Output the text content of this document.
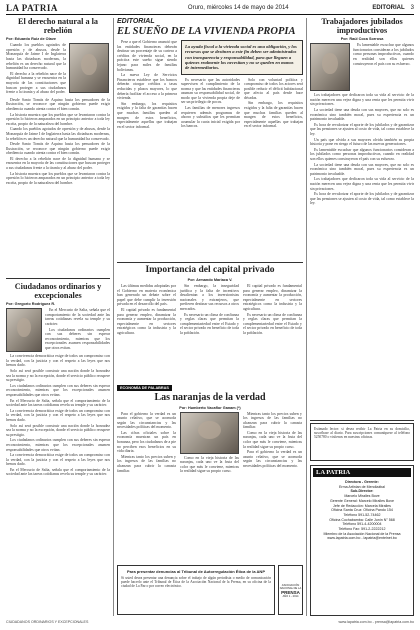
LA PATRIA	Oruro, miércoles 14 de mayo de 2014	EDITORIAL 3
El derecho natural a la rebelión
Por: Eduardo Ruiz de Olave

Cuando los pueblos agotados de opresión y de abusos, desde la Monarquía de Jaime I de Inglaterra hasta las dictaduras modernas, la rebelión es un derecho natural que la humanidad ha conservado.

El derecho a la rebelión nace de la dignidad humana y se encuentra en la mayoría de las constituciones que buscan proteger a sus ciudadanos frente a la tiranía y al abuso del poder.

Desde Santo Tomás de Aquino hasta los pensadores de la Ilustración, se reconoce que ningún gobierno puede exigir obediencia cuando atenta contra el bien común.

La historia muestra que los pueblos que se levantaron contra la opresión lo hicieron amparados en un principio anterior a toda ley escrita, propio de la naturaleza del hombre.

Cuando los pueblos agotados de opresión y de abusos, desde la Monarquía de Jaime I de Inglaterra hasta las dictaduras modernas, la rebelión es un derecho natural que la humanidad ha conservado.

Desde Santo Tomás de Aquino hasta los pensadores de la Ilustración, se reconoce que ningún gobierno puede exigir obediencia cuando atenta contra el bien común.

El derecho a la rebelión nace de la dignidad humana y se encuentra en la mayoría de las constituciones que buscan proteger a sus ciudadanos frente a la tiranía y al abuso del poder.

La historia muestra que los pueblos que se levantaron contra la opresión lo hicieron amparados en un principio anterior a toda ley escrita, propio de la naturaleza del hombre.

Ciudadanos ordinarios y excepcionales
Por: Gregorio Rodríguez R.

En el Mercurio de Salta, señala que el comportamiento de la sociedad ante las tareas cotidianas revela su temple y su carácter.

Los ciudadanos ordinarios cumplen con sus deberes sin esperar reconocimiento, mientras que los excepcionales asumen responsabilidades que otros evitan.

La convivencia democrática exige de todos un compromiso con la verdad, con la justicia y con el respeto a las leyes que nos hemos dado.

Solo así será posible construir una nación donde la honradez sea la norma y no la excepción, donde el servicio público recupere su prestigio.

Los ciudadanos ordinarios cumplen con sus deberes sin esperar reconocimiento, mientras que los excepcionales asumen responsabilidades que otros evitan.

En el Mercurio de Salta, señala que el comportamiento de la sociedad ante las tareas cotidianas revela su temple y su carácter.

La convivencia democrática exige de todos un compromiso con la verdad, con la justicia y con el respeto a las leyes que nos hemos dado.

Solo así será posible construir una nación donde la honradez sea la norma y no la excepción, donde el servicio público recupere su prestigio.

Los ciudadanos ordinarios cumplen con sus deberes sin esperar reconocimiento, mientras que los excepcionales asumen responsabilidades que otros evitan.

La convivencia democrática exige de todos un compromiso con la verdad, con la justicia y con el respeto a las leyes que nos hemos dado.

En el Mercurio de Salta, señala que el comportamiento de la sociedad ante las tareas cotidianas revela su temple y su carácter.

EDITORIAL
EL SUEÑO DE LA VIVIENDA PROPIA

Pese a que el Gobierno anunció que las entidades financieras deberán destinar un porcentaje de su cartera a créditos de vivienda social, en la práctica este sueño sigue siendo lejano para miles de familias bolivianas.

La nueva Ley de Servicios Financieros establece que los bancos deberán otorgar créditos a tasas reducidas y plazos mayores, lo que debería facilitar el acceso a la primera vivienda.

Sin embargo, los requisitos exigidos y la falta de garantías hacen que muchas familias queden al margen de estos beneficios, especialmente aquellas que trabajan en el sector informal.

La ayuda fiscal a la vivienda social es una obligación, y los recursos que se destinen a este fin deben ser administrados con transparencia y responsabilidad, para que lleguen a quienes realmente los necesitan y no se queden en manos de intermediarios.

Es necesario que las autoridades supervisen el cumplimiento de la norma y que las entidades financieras asuman su responsabilidad social, de modo que la vivienda propia deje de ser un privilegio de pocos.

Las familias de menores ingresos requieren además programas de ahorro y subsidios que les permitan acumular la cuota inicial exigida por los bancos.

Solo con voluntad política y compromiso de todos los actores será posible reducir el déficit habitacional que afecta al país desde hace décadas.

Sin embargo, los requisitos exigidos y la falta de garantías hacen que muchas familias queden al margen de estos beneficios, especialmente aquellas que trabajan en el sector informal.

Importancia del capital privado
Por: Armando Mariaca V.

Las últimas medidas adoptadas por el Gobierno en materia económica han generado un debate sobre el papel que debe cumplir la inversión privada en el desarrollo del país.

El capital privado es fundamental para generar empleo, dinamizar la economía y aumentar la producción, especialmente en sectores estratégicos como la industria y la agricultura.

Sin embargo, la inseguridad jurídica y la falta de incentivos desalientan a los inversionistas nacionales y extranjeros, que prefieren destinar sus recursos a otros mercados.

Es necesario un clima de confianza y reglas claras que permitan la complementariedad entre el Estado y el sector privado en beneficio de toda la población.

El capital privado es fundamental para generar empleo, dinamizar la economía y aumentar la producción, especialmente en sectores estratégicos como la industria y la agricultura.

Es necesario un clima de confianza y reglas claras que permitan la complementariedad entre el Estado y el sector privado en beneficio de toda la población.

ECONOMÍA DE PALABRAS
Las naranjas de la verdad
Por: Humberto Vacaflor Ganam (*)

Para el gobierno la verdad es un asunto relativo, que se acomoda según las circunstancias y las necesidades políticas del momento.

Las cifras oficiales sobre la economía muestran un país en bonanza, pero los ciudadanos de a pie no perciben esos beneficios en su vida diaria.

Mientras tanto los precios suben y los ingresos de las familias no alcanzan para cubrir la canasta familiar.

Como en la vieja historia de las naranjas, cada uno ve la fruta del color que más le conviene, mientras la realidad sigue su propio curso.

Mientras tanto los precios suben y los ingresos de las familias no alcanzan para cubrir la canasta familiar.

Como en la vieja historia de las naranjas, cada uno ve la fruta del color que más le conviene, mientras la realidad sigue su propio curso.

Para el gobierno la verdad es un asunto relativo, que se acomoda según las circunstancias y las necesidades políticas del momento.

Para presentar denuncias al Tribunal de Autorregulación Ética de la ANP
Si usted desea presentar una denuncia sobre el trabajo de algún periodista o medio de comunicación puede hacerlo ante el Tribunal de Ética de la Asociación Nacional de la Prensa, en su oficina de la ciudad de La Paz o por correo electrónico.	ASOCIACIÓN
NACIONAL DE LA
PRENSA
AÑO 1 - 2014
Trabajadores jubilados improductivos
Por: Raúl Coca Sorrosa

Es lamentable escuchar que algunos funcionarios consideran a los jubilados como personas improductivas, cuando en realidad son ellos quienes construyeron el país con su esfuerzo.

Los trabajadores que dedicaron toda su vida al servicio de la nación merecen una vejez digna y una renta que les permita vivir sin privaciones.

La sociedad tiene una deuda con sus mayores, que no solo es económica sino también moral, pues su experiencia es un patrimonio invaluable.

Es hora de revalorizar el aporte de los jubilados y de garantizar que las pensiones se ajusten al costo de vida, tal como establece la ley.

Un país que olvida a sus mayores olvida también su propia historia y pone en riesgo el futuro de las nuevas generaciones.

Es lamentable escuchar que algunos funcionarios consideran a los jubilados como personas improductivas, cuando en realidad son ellos quienes construyeron el país con su esfuerzo.

La sociedad tiene una deuda con sus mayores, que no solo es económica sino también moral, pues su experiencia es un patrimonio invaluable.

Los trabajadores que dedicaron toda su vida al servicio de la nación merecen una vejez digna y una renta que les permita vivir sin privaciones.

Es hora de revalorizar el aporte de los jubilados y de garantizar que las pensiones se ajusten al costo de vida, tal como establece la ley.

Estimado lector: si desea recibir La Patria en su domicilio, suscríbase al diario. Para suscripciones comuníquese al teléfono 5250780 o visítenos en nuestras oficinas.
LA PATRIA
Directora - Gerente:
Erma Artinian de Mendizábal
Sub-Director:
Marcelo Miralles Bove
Gerente General: Marcelo Miralles Bove
Jefe de Redacción: Marcela Miralles
Oficina Santa Cruz: Oficina Pando 154
Teléfono 591-52-74462
Oficina Cochabamba: Calle Junín N° 568
Teléfono 591-4-4200004
Teléfono Fax: 591-2-2222212
Miembro de la Asociación Nacional de la Prensa
www.lapatria.com.bo - lapatria@entelnet.bo
CIUDADANOS ORDINARIOS Y EXCEPCIONALES	www.lapatria.com.bo - prensa@lapatria.com.bo
